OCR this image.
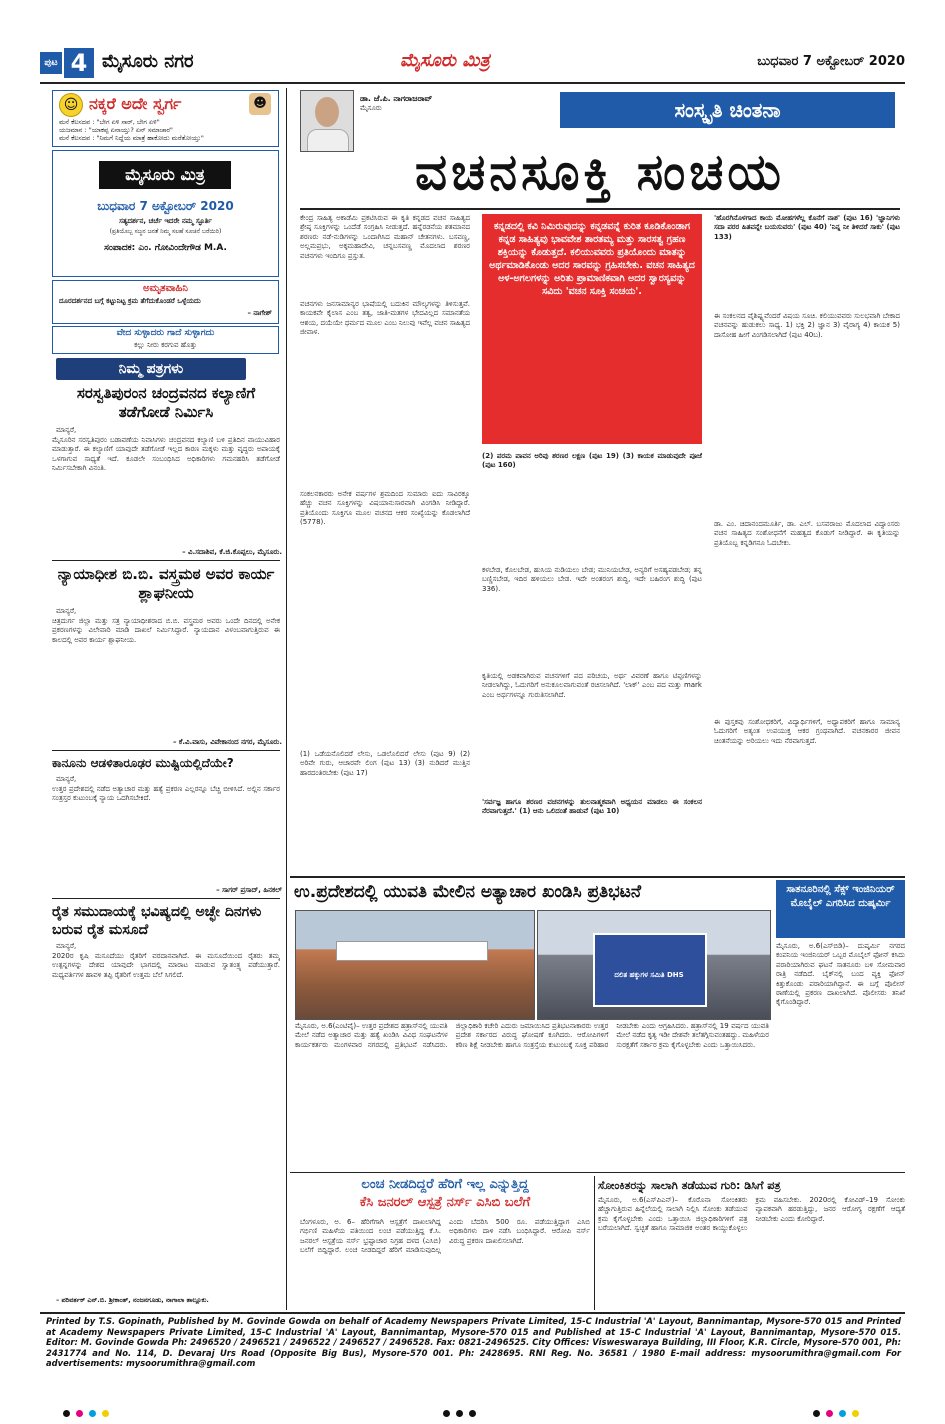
ಪುಟ 4 ಮೈಸೂರು ನಗರ	ಮೈಸೂರು ಮಿತ್ರ	ಬುಧವಾರ 7 ಅಕ್ಟೋಬರ್ 2020
☺ ನಕ್ಕರೆ ಅದೇ ಸ್ವರ್ಗ	☻
ಮನೆ ಕೆಲಸದವ : "ಬೇಗ ಏಳಿ ಸಾರ್, ಬೇಗ ಏಳಿ"
ಯಜಮಾನ : "ಯಾಕಪ್ಪ ಏನಾಯ್ತು? ಏನ್ ಸಮಾಚಾರ"
ಮನೆ ಕೆಲಸದವ : "ನಿಮಗೆ ನಿದ್ದೆಯ ಮಾತ್ರೆ ಹಾಕೋದು ಮರೆತೋಯ್ತು"
ಮೈಸೂರು ಮಿತ್ರ
ಬುಧವಾರ 7 ಅಕ್ಟೋಬರ್ 2020
ಸತ್ಯದರ್ಶನ, ಚರ್ಚೆ ಇದರೇ ನಮ್ಮ ಸ್ಫೂರ್ತಿ
(ಪ್ರತಿಯೊಬ್ಬ ಸಜ್ಜನ ಜನತೆ ನಿಮ್ಮ ಸಲಹೆ ಸೂಚನೆ ಬರೆಯಿರಿ)
ಸಂಪಾದಕ: ಎಂ. ಗೋವಿಂದೇಗೌಡ M.A.
ಅಮೃತವಾಹಿನಿ
ದೂರದರ್ಶನದ ಬಗ್ಗೆ ಕಟ್ಟುನಿಟ್ಟ ಕ್ರಮ ತೆಗೆದುಕೊಂಡರೆ ಒಳ್ಳೆಯದು
– ನಾಗೇಶ್
ವೇದ ಸುಳ್ಳಾದರು ಗಾದೆ ಸುಳ್ಳಾಗದು
ಕಲ್ಲು ನೀರು ಕರಗುವ ಹೊತ್ತು
ನಿಮ್ಮ ಪತ್ರಗಳು
ಸರಸ್ವತಿಪುರಂನ ಚಂದ್ರವನದ ಕಲ್ಯಾಣಿಗೆ ತಡೆಗೋಡೆ ನಿರ್ಮಿಸಿ
ಮಾನ್ಯರೆ,
ಮೈಸೂರಿನ ಸರಸ್ವತಿಪುರಂ ಬಡಾವಣೆಯ ನಿವಾಸಿಗಳು ಚಂದ್ರವನದ ಕಲ್ಯಾಣಿ ಬಳಿ ಪ್ರತಿದಿನ ವಾಯುವಿಹಾರ ಮಾಡುತ್ತಾರೆ. ಈ ಕಲ್ಯಾಣಿಗೆ ಯಾವುದೇ ತಡೆಗೋಡೆ ಇಲ್ಲದ ಕಾರಣ ಮಕ್ಕಳು ಮತ್ತು ವೃದ್ಧರು ಅಪಾಯಕ್ಕೆ ಒಳಗಾಗುವ ಸಾಧ್ಯತೆ ಇದೆ. ಕೂಡಲೇ ಸಂಬಂಧಿಸಿದ ಅಧಿಕಾರಿಗಳು ಗಮನಹರಿಸಿ ತಡೆಗೋಡೆ ನಿರ್ಮಿಸಬೇಕಾಗಿ ವಿನಂತಿ.
– ವಿ.ಸದಾಶಿವ, ಕೆ.ಜಿ.ಕೊಪ್ಪಲು, ಮೈಸೂರು.
ನ್ಯಾಯಾಧೀಶ ಬಿ.ಬಿ. ವಸ್ತ್ರಮಠ ಅವರ ಕಾರ್ಯ ಶ್ಲಾಘನೀಯ
ಮಾನ್ಯರೆ,
ಚಿತ್ರದುರ್ಗ ಜಿಲ್ಲಾ ಮತ್ತು ಸತ್ರ ನ್ಯಾಯಾಧೀಶರಾದ ಬಿ.ಬಿ. ವಸ್ತ್ರಮಠ ಅವರು ಒಂದೇ ದಿನದಲ್ಲಿ ಅನೇಕ ಪ್ರಕರಣಗಳನ್ನು ವಿಲೇವಾರಿ ಮಾಡಿ ದಾಖಲೆ ನಿರ್ಮಿಸಿದ್ದಾರೆ. ನ್ಯಾಯದಾನ ವಿಳಂಬವಾಗುತ್ತಿರುವ ಈ ಕಾಲದಲ್ಲಿ ಅವರ ಕಾರ್ಯ ಶ್ಲಾಘನೀಯ.
– ಕೆ.ವಿ.ವಾಸು, ವಿವೇಕಾನಂದ ನಗರ, ಮೈಸೂರು.
ಕಾನೂನು ಆಡಳಿತಾರೂಢರ ಮುಷ್ಟಿಯಲ್ಲಿದೆಯೇ?
ಮಾನ್ಯರೆ,
ಉತ್ತರ ಪ್ರದೇಶದಲ್ಲಿ ನಡೆದ ಅತ್ಯಾಚಾರ ಮತ್ತು ಹತ್ಯೆ ಪ್ರಕರಣ ಎಲ್ಲರನ್ನೂ ಬೆಚ್ಚಿ ಬೀಳಿಸಿದೆ. ಅಲ್ಲಿನ ಸರ್ಕಾರ ಸಂತ್ರಸ್ತರ ಕುಟುಂಬಕ್ಕೆ ನ್ಯಾಯ ಒದಗಿಸಬೇಕಿದೆ.
– ಸಾಗರ್ ಪ್ರಸಾದ್, ಹಿನಕಲ್
ರೈತ ಸಮುದಾಯಕ್ಕೆ ಭವಿಷ್ಯದಲ್ಲಿ ಅಚ್ಛೇ ದಿನಗಳು ಬರುವ ರೈತ ಮಸೂದೆ
ಮಾನ್ಯರೆ,
2020ರ ಕೃಷಿ ಮಸೂದೆಯು ರೈತರಿಗೆ ವರದಾನವಾಗಿದೆ. ಈ ಮಸೂದೆಯಿಂದ ರೈತರು ತಮ್ಮ ಉತ್ಪನ್ನಗಳನ್ನು ದೇಶದ ಯಾವುದೇ ಭಾಗದಲ್ಲಿ ಮಾರಾಟ ಮಾಡುವ ಸ್ವಾತಂತ್ರ್ಯ ಪಡೆಯುತ್ತಾರೆ. ಮಧ್ಯವರ್ತಿಗಳ ಹಾವಳಿ ತಪ್ಪಿ ರೈತರಿಗೆ ಉತ್ತಮ ಬೆಲೆ ಸಿಗಲಿದೆ.
– ಪರಿವರ್ತಕ್ ಎನ್.ಬಿ. ಶ್ರೀಕಾಂತ್, ನಂಜನಗೂಡು, ನಾಗಾಲಾ ತಾಲ್ಲೂಕು.
ಡಾ. ಜೆ.ಪಿ. ನಾಗರಾಜರಾವ್
ಮೈಸೂರು	ಸಂಸ್ಕೃತಿ ಚಿಂತನಾ
ವಚನಸೂಕ್ತಿ ಸಂಚಯ
ಕೇಂದ್ರ ಸಾಹಿತ್ಯ ಅಕಾಡೆಮಿ ಪ್ರಕಟಿಸಿರುವ ಈ ಕೃತಿ ಕನ್ನಡದ ವಚನ ಸಾಹಿತ್ಯದ ಶ್ರೇಷ್ಠ ಸೂಕ್ತಿಗಳನ್ನು ಒಂದೆಡೆ ಸಂಗ್ರಹಿಸಿ ನೀಡುತ್ತದೆ. ಹನ್ನೆರಡನೆಯ ಶತಮಾನದ ಶರಣರು ನಡೆ-ನುಡಿಗಳನ್ನು ಒಂದಾಗಿಸಿದ ಮಹಾನ್ ಚೇತನಗಳು. ಬಸವಣ್ಣ, ಅಲ್ಲಮಪ್ರಭು, ಅಕ್ಕಮಹಾದೇವಿ, ಚನ್ನಬಸವಣ್ಣ ಮೊದಲಾದ ಶರಣರ ವಚನಗಳು ಇಂದಿಗೂ ಪ್ರಸ್ತುತ.
ವಚನಗಳು ಜನಸಾಮಾನ್ಯರ ಭಾಷೆಯಲ್ಲಿ ಬದುಕಿನ ಮೌಲ್ಯಗಳನ್ನು ತಿಳಿಸುತ್ತವೆ. ಕಾಯಕವೇ ಕೈಲಾಸ ಎಂಬ ತತ್ವ, ಜಾತಿ-ಮತಗಳ ಭೇದವಿಲ್ಲದ ಸಮಾನತೆಯ ಆಶಯ, ದಯೆಯೇ ಧರ್ಮದ ಮೂಲ ಎಂಬ ನಿಲುವು ಇವೆಲ್ಲ ವಚನ ಸಾಹಿತ್ಯದ ಜೀವಾಳ.
ಸಂಕಲನಕಾರರು ಅನೇಕ ವರ್ಷಗಳ ಶ್ರಮದಿಂದ ಸುಮಾರು ಐದು ಸಾವಿರಕ್ಕೂ ಹೆಚ್ಚು ವಚನ ಸೂಕ್ತಿಗಳನ್ನು ವಿಷಯಾನುಸಾರವಾಗಿ ವಿಂಗಡಿಸಿ ನೀಡಿದ್ದಾರೆ. ಪ್ರತಿಯೊಂದು ಸೂಕ್ತಿಗೂ ಮೂಲ ವಚನದ ಆಕರ ಸಂಖ್ಯೆಯನ್ನು ಕೊಡಲಾಗಿದೆ (5778).
(1) ಒಡೆಯನೊಲಿದರೆ ಲೇಸು, ಒಡಲೊಲಿದರೆ ಲೇಸು (ಪುಟ 9) (2) ಅರಿವೇ ಗುರು, ಆಚಾರವೇ ಲಿಂಗ (ಪುಟ 13) (3) ನುಡಿದರೆ ಮುತ್ತಿನ ಹಾರದಂತಿರಬೇಕು (ಪುಟ 17)
ಕನ್ನಡದಲ್ಲಿ ಕವಿ ನಿಮಿರುವುದನ್ನು ಕನ್ನಡವನ್ನೆ ಕುರಿತ ಕೂಡಿಕೊಂಡಾಗ ಕನ್ನಡ ಸಾಹಿತ್ಯವು ಭಾವವೇಶ ತಾರತಮ್ಯ ಮತ್ತು ಸಾರಸತ್ವ ಗ್ರಹಣ ಶಕ್ತಿಯನ್ನು ಕೊಡುತ್ತದೆ. ಕಲಿಯುವವರು ಪ್ರತಿಯೊಂದು ಮಾತನ್ನು ಅರ್ಥಮಾಡಿಕೊಂಡು ಅದರ ಸಾರವನ್ನು ಗ್ರಹಿಸಬೇಕು. ವಚನ ಸಾಹಿತ್ಯದ ಅಳ-ಅಗಲಗಳನ್ನು ಅರಿತು ಪ್ರಾಮಾಣಿಕವಾಗಿ ಅದರ ಸ್ವಾರಸ್ಯವನ್ನು ಸವಿದು 'ವಚನ ಸೂಕ್ತಿ ಸಂಚಯ'.
(2) ಪರಮ ಪಾವನ ಅರಿವು ಶರಣರ ಲಕ್ಷಣ (ಪುಟ 19) (3) ಕಾಯಕ ಮಾಡುವುದೇ ಪೂಜೆ (ಪುಟ 160)
ಕಳಬೇಡ, ಕೊಲಬೇಡ, ಹುಸಿಯ ನುಡಿಯಲು ಬೇಡ; ಮುನಿಯಬೇಡ, ಅನ್ಯರಿಗೆ ಅಸಹ್ಯಪಡಬೇಡ; ತನ್ನ ಬಣ್ಣಿಸಬೇಡ, ಇದಿರ ಹಳಿಯಲು ಬೇಡ. ಇದೇ ಅಂತರಂಗ ಶುದ್ಧಿ, ಇದೇ ಬಹಿರಂಗ ಶುದ್ಧಿ (ಪುಟ 336).
ಕೃತಿಯಲ್ಲಿ ಅಡಕವಾಗಿರುವ ವಚನಗಳಿಗೆ ಪದ ಪರಿಚಯ, ಅರ್ಥ ವಿವರಣೆ ಹಾಗೂ ಟಿಪ್ಪಣಿಗಳನ್ನು ನೀಡಲಾಗಿದ್ದು, ಓದುಗರಿಗೆ ಅನುಕೂಲವಾಗುವಂತೆ ರಚಿಸಲಾಗಿದೆ. 'ಲಾಕ್' ಎಂಬ ಪದ ಮತ್ತು mark ಎಂಬ ಅರ್ಥಗಳನ್ನೂ ಗುರುತಿಸಲಾಗಿದೆ.
'ಸರ್ವಜ್ಞ ಹಾಗೂ ಶರಣರ ವಚನಗಳನ್ನು ತುಲನಾತ್ಮಕವಾಗಿ ಅಧ್ಯಯನ ಮಾಡಲು ಈ ಸಂಕಲನ ನೆರವಾಗುತ್ತದೆ.' (1) ಆನು ಒಲಿದಂತೆ ಹಾಡುವೆ (ಪುಟ 10)
'ಹೊರಗಿನೊಳಗಾದ ಕಾಯ ಮೋಹಗಳೆಲ್ಲ ಕೊನೆಗೆ ನಾಶ' (ಪುಟ 16) 'ಜ್ಞಾನಿಗಳು ಸದಾ ಪರರ ಹಿತವನ್ನೇ ಬಯಸುವರು' (ಪುಟ 40) 'ನಿನ್ನ ನೀ ತಿಳಿದರೆ ಸಾಕು' (ಪುಟ 133)
ಈ ಸಂಕಲನದ ವೈಶಿಷ್ಟ್ಯವೆಂದರೆ ವಿಷಯ ಸೂಚಿ. ಕಲಿಯುವವರು ಸುಲಭವಾಗಿ ಬೇಕಾದ ವಚನವನ್ನು ಹುಡುಕಲು ಸಾಧ್ಯ. 1) ಭಕ್ತಿ 2) ಜ್ಞಾನ 3) ವೈರಾಗ್ಯ 4) ಕಾಯಕ 5) ದಾಸೋಹ ಹೀಗೆ ವಿಂಗಡಿಸಲಾಗಿದೆ (ಪುಟ 40ಬ).
ಡಾ. ಎಂ. ಚಿದಾನಂದಮೂರ್ತಿ, ಡಾ. ಎಲ್. ಬಸವರಾಜು ಮೊದಲಾದ ವಿದ್ವಾಂಸರು ವಚನ ಸಾಹಿತ್ಯದ ಸಂಶೋಧನೆಗೆ ಮಹತ್ವದ ಕೊಡುಗೆ ನೀಡಿದ್ದಾರೆ. ಈ ಕೃತಿಯನ್ನು ಪ್ರತಿಯೊಬ್ಬ ಕನ್ನಡಿಗನೂ ಓದಬೇಕು.
ಈ ಪುಸ್ತಕವು ಸಂಶೋಧಕರಿಗೆ, ವಿದ್ಯಾರ್ಥಿಗಳಿಗೆ, ಅಧ್ಯಾಪಕರಿಗೆ ಹಾಗೂ ಸಾಮಾನ್ಯ ಓದುಗರಿಗೆ ಅತ್ಯಂತ ಉಪಯುಕ್ತ ಆಕರ ಗ್ರಂಥವಾಗಿದೆ. ವಚನಕಾರರ ಜೀವನ ಚಿಂತನೆಯನ್ನು ಅರಿಯಲು ಇದು ನೆರವಾಗುತ್ತದೆ.
ಉ.ಪ್ರದೇಶದಲ್ಲಿ ಯುವತಿ ಮೇಲಿನ ಅತ್ಯಾಚಾರ ಖಂಡಿಸಿ ಪ್ರತಿಭಟನೆ
ದಲಿತ ಹಕ್ಕುಗಳ ಸಮಿತಿ DHS
ಮೈಸೂರು, ಅ.6(ಎಂಟಿವೈ)– ಉತ್ತರ ಪ್ರದೇಶದ ಹತ್ರಾಸ್‌ನಲ್ಲಿ ಯುವತಿ ಮೇಲೆ ನಡೆದ ಅತ್ಯಾಚಾರ ಮತ್ತು ಹತ್ಯೆ ಖಂಡಿಸಿ ವಿವಿಧ ಸಂಘಟನೆಗಳ ಕಾರ್ಯಕರ್ತರು ಮಂಗಳವಾರ ನಗರದಲ್ಲಿ ಪ್ರತಿಭಟನೆ ನಡೆಸಿದರು. ಜಿಲ್ಲಾಧಿಕಾರಿ ಕಚೇರಿ ಎದುರು ಜಮಾಯಿಸಿದ ಪ್ರತಿಭಟನಾಕಾರರು ಉತ್ತರ ಪ್ರದೇಶ ಸರ್ಕಾರದ ವಿರುದ್ಧ ಘೋಷಣೆ ಕೂಗಿದರು. ಆರೋಪಿಗಳಿಗೆ ಕಠಿಣ ಶಿಕ್ಷೆ ನೀಡಬೇಕು ಹಾಗೂ ಸಂತ್ರಸ್ತೆಯ ಕುಟುಂಬಕ್ಕೆ ಸೂಕ್ತ ಪರಿಹಾರ ನೀಡಬೇಕು ಎಂದು ಆಗ್ರಹಿಸಿದರು. ಹತ್ರಾಸ್‌ನಲ್ಲಿ 19 ವರ್ಷದ ಯುವತಿ ಮೇಲೆ ನಡೆದ ಕೃತ್ಯ ಇಡೀ ದೇಶವೇ ತಲೆತಗ್ಗಿಸುವಂತಹದ್ದು. ಮಹಿಳೆಯರ ಸುರಕ್ಷತೆಗೆ ಸರ್ಕಾರ ಕ್ರಮ ಕೈಗೊಳ್ಳಬೇಕು ಎಂದು ಒತ್ತಾಯಿಸಿದರು.
ಸಾತನೂರಿನಲ್ಲಿ ಸೆಕ್ಸ್ ಇಂಜಿನಿಯರ್ ಮೊಬೈಲ್ ಎಗರಿಸಿದ ದುಷ್ಕರ್ಮಿ
ಮೈಸೂರು, ಅ.6(ಎಸ್‌ಬಿಡಿ)– ದುಷ್ಕರ್ಮಿ ನಗರದ ಕಂಪನಿಯ ಇಂಜಿನಿಯರ್ ಒಬ್ಬರ ಮೊಬೈಲ್ ಫೋನ್ ಕಸಿದು ಪರಾರಿಯಾಗಿರುವ ಘಟನೆ ಸಾತನೂರು ಬಳಿ ಸೋಮವಾರ ರಾತ್ರಿ ನಡೆದಿದೆ. ಬೈಕ್‌ನಲ್ಲಿ ಬಂದ ವ್ಯಕ್ತಿ ಫೋನ್ ಕಿತ್ತುಕೊಂಡು ಪರಾರಿಯಾಗಿದ್ದಾನೆ. ಈ ಬಗ್ಗೆ ಪೊಲೀಸ್ ಠಾಣೆಯಲ್ಲಿ ಪ್ರಕರಣ ದಾಖಲಾಗಿದೆ. ಪೊಲೀಸರು ತನಿಖೆ ಕೈಗೊಂಡಿದ್ದಾರೆ.
ಲಂಚ ನೀಡದಿದ್ದರೆ ಹೆರಿಗೆ ಇಲ್ಲ ಎನ್ನುತ್ತಿದ್ದ
ಕೆಸಿ ಜನರಲ್ ಆಸ್ಪತ್ರೆ ನರ್ಸ್ ಎಸಿಬಿ ಬಲೆಗೆ
ಬೆಂಗಳೂರು, ಅ. 6– ಹೆರಿಗೆಗಾಗಿ ಆಸ್ಪತ್ರೆಗೆ ದಾಖಲಾಗಿದ್ದ ಗರ್ಭಿಣಿ ಮಹಿಳೆಯ ಪತಿಯಿಂದ ಲಂಚ ಪಡೆಯುತ್ತಿದ್ದ ಕೆ.ಸಿ. ಜನರಲ್ ಆಸ್ಪತ್ರೆಯ ನರ್ಸ್ ಭ್ರಷ್ಟಾಚಾರ ನಿಗ್ರಹ ದಳದ (ಎಸಿಬಿ) ಬಲೆಗೆ ಬಿದ್ದಿದ್ದಾರೆ. ಲಂಚ ನೀಡದಿದ್ದರೆ ಹೆರಿಗೆ ಮಾಡಿಸುವುದಿಲ್ಲ ಎಂದು ಬೆದರಿಸಿ 500 ರೂ. ಪಡೆಯುತ್ತಿದ್ದಾಗ ಎಸಿಬಿ ಅಧಿಕಾರಿಗಳು ದಾಳಿ ನಡೆಸಿ ಬಂಧಿಸಿದ್ದಾರೆ. ಆರೋಪಿ ನರ್ಸ್ ವಿರುದ್ಧ ಪ್ರಕರಣ ದಾಖಲಿಸಲಾಗಿದೆ.
ಸೋಂಕಿತರನ್ನು ಸಾಲಾಗಿ ತಡೆಯುವ ಗುರಿ: ಡಿಸಿಗೆ ಪತ್ರ
ಮೈಸೂರು, ಅ.6(ಎಸ್‌ಪಿಎನ್)– ಕೊರೊನಾ ಸೋಂಕಿತರು ಹೆಚ್ಚಾಗುತ್ತಿರುವ ಹಿನ್ನೆಲೆಯಲ್ಲಿ ಸಾಲಾಗಿ ನಿಲ್ಲಿಸಿ ಸೋಂಕು ತಡೆಯುವ ಕ್ರಮ ಕೈಗೊಳ್ಳಬೇಕು ಎಂದು ಒತ್ತಾಯಿಸಿ ಜಿಲ್ಲಾಧಿಕಾರಿಗಳಿಗೆ ಪತ್ರ ಬರೆಯಲಾಗಿದೆ. ಸ್ವಚ್ಛತೆ ಹಾಗೂ ಸಾಮಾಜಿಕ ಅಂತರ ಕಾಯ್ದುಕೊಳ್ಳಲು ಕ್ರಮ ವಹಿಸಬೇಕು. 2020ರಲ್ಲಿ ಕೋವಿಡ್–19 ಸೋಂಕು ವ್ಯಾಪಕವಾಗಿ ಹರಡುತ್ತಿದ್ದು, ಜನರ ಆರೋಗ್ಯ ರಕ್ಷಣೆಗೆ ಆದ್ಯತೆ ನೀಡಬೇಕು ಎಂದು ಕೋರಿದ್ದಾರೆ.
Printed by T.S. Gopinath, Published by M. Govinde Gowda on behalf of Academy Newspapers Private Limited, 15-C Industrial 'A' Layout, Bannimantap, Mysore-570 015 and Printed at Academy Newspapers Private Limited, 15-C Industrial 'A' Layout, Bannimantap, Mysore-570 015 and Published at 15-C Industrial 'A' Layout, Bannimantap, Mysore-570 015. Editor: M. Govinde Gowda Ph: 2496520 / 2496521 / 2496522 / 2496527 / 2496528. Fax: 0821-2496525. City Offices: Visweswaraya Building, III Floor, K.R. Circle, Mysore-570 001, Ph: 2431774 and No. 114, D. Devaraj Urs Road (Opposite Big Bus), Mysore-570 001. Ph: 2428695. RNI Reg. No. 36581 / 1980 E-mail address: mysoorumithra@gmail.com For advertisements: mysoorumithra@gmail.com
